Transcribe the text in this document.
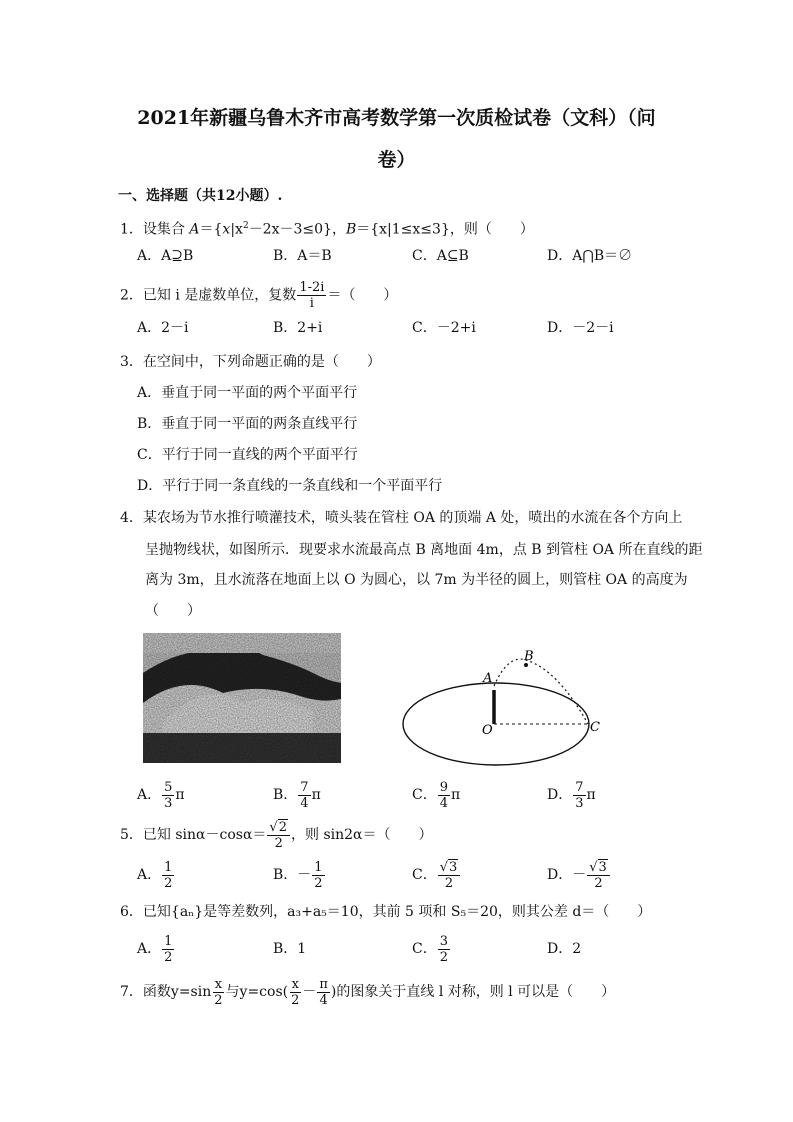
2021年新疆乌鲁木齐市高考数学第一次质检试卷（文科）（问
卷）
一、选择题（共12小题）.
1．设集合 $A=\{x|x^2-2x-3\le 0\}$，B＝{x|1≤x≤3}，则（　　）
A．A⊇B	B．A＝B	C．A⊆B	D．A⋂B＝∅
2．已知 i 是虚数单位，复数 $\frac{1-2i}{i}$ ＝（　　）
A．2－i	B．2+i	C．－2+i	D．－2－i
3．在空间中，下列命题正确的是（　　）
A．垂直于同一平面的两个平面平行
B．垂直于同一平面的两条直线平行
C．平行于同一直线的两个平面平行
D．平行于同一条直线的一条直线和一个平面平行
4．某农场为节水推行喷灌技术，喷头装在管柱 OA 的顶端 A 处，喷出的水流在各个方向上
呈抛物线状，如图所示．现要求水流最高点 B 离地面 4m，点 B 到管柱 OA 所在直线的距
离为 3m，且水流落在地面上以 O 为圆心，以 7m 为半径的圆上，则管柱 OA 的高度为
（　　）
A
B
O	C
A． $\frac{5}{3}$ π	B． $\frac{7}{4}$ π	C． $\frac{9}{4}$ π	D． $\frac{7}{3}$ π
5．已知 $\sin\alpha-\cos\alpha= \frac{√2}{2}$ ，则 sin2α＝（　　）
A． $\frac{1}{2}$	B．－ $\frac{1}{2}$	C． $\frac{√3}{2}$	D．－ $\frac{√3}{2}$
6．已知{aₙ}是等差数列，a₃+a₅＝10，其前 5 项和 S₅＝20，则其公差 d＝（　　）
A． $\frac{1}{2}$	B．1	C． $\frac{3}{2}$	D．2
7．函数$y=\sin \frac{x}{2}$ 与$y=\cos( \frac{x}{2} - \frac{\pi}{4}$ )的图象关于直线 l 对称，则 l 可以是（　　）
